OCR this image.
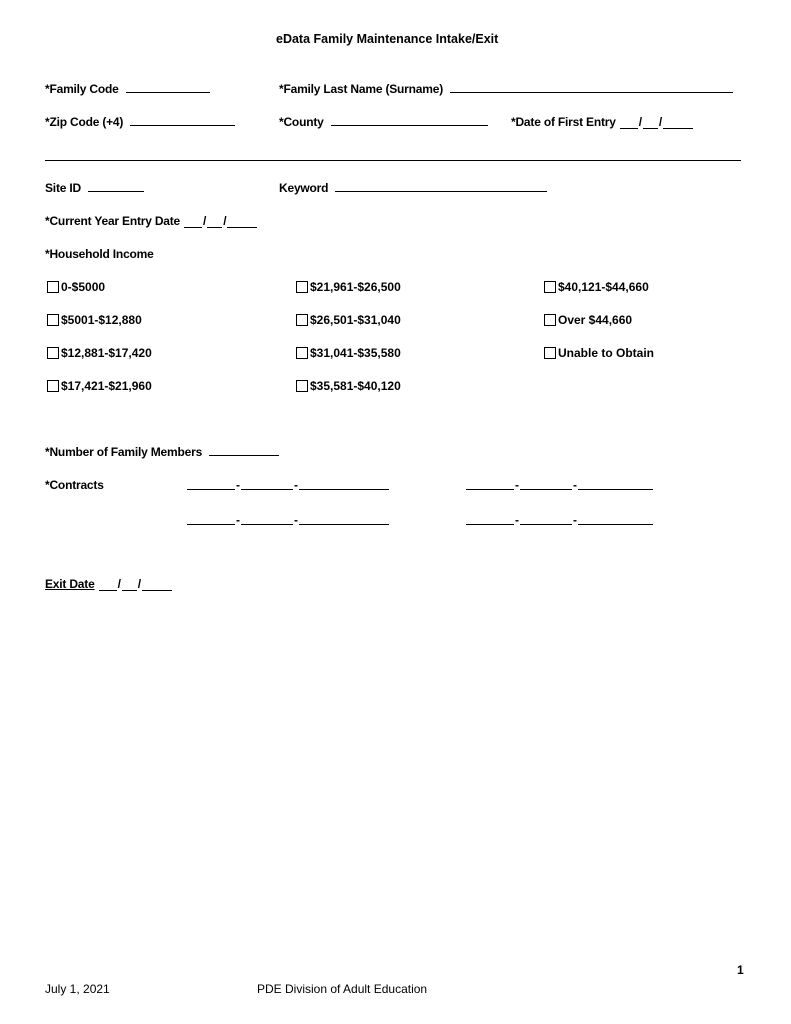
eData Family Maintenance Intake/Exit
*Family Code	*Family Last Name (Surname)
*Zip Code (+4)	*County	*Date of First Entry / /
Site ID	Keyword
*Current Year Entry Date / /
*Household Income
0-$5000
$5001-$12,880
$12,881-$17,420
$17,421-$21,960
$21,961-$26,500
$26,501-$31,040
$31,041-$35,580
$35,581-$40,120
$40,121-$44,660
Over $44,660
Unable to Obtain
*Number of Family Members
*Contracts	-	-	-	-
-	-	-	-
Exit Date / /
1
July 1, 2021	PDE Division of Adult Education
